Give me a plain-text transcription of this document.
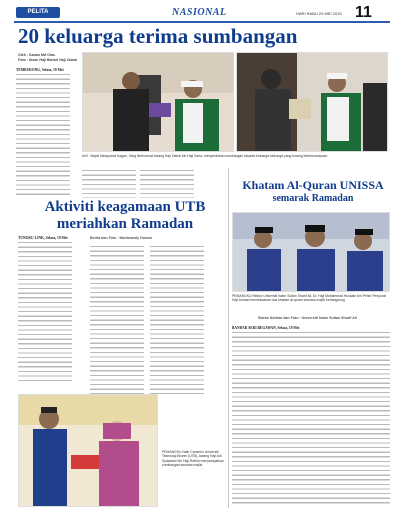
PELITA	NASIONAL	HARI RABU 20 MEI 2015 11
20 keluarga terima sumbangan
Oleh : Sauan Md Olas
Foto : Ihsan Haji Bahari Haji Zainal
TEMBURONG, Selasa, 19 Mei
ANI : Majlis Mesyuarat Kagan, Yang Berhormat Awang Haji Zainal bin Haji Saha, menyerahkan sumbangan kepada keluarga keluarga yang kurang berkemampuan.
Khatam Al-Quran UNISSA
semarak Ramadan
Aktiviti keagamaan UTB meriahkan Ramadan
TUNGKU LINK, Selasa, 19 Mei	Berita dan Foto : Marliwandy Hussin
PEMANGKU Naib Canselor Universiti Teknologi Brunei (UTB), Awang Haji Adi Syawalan bin Haji Rahim menyampaikan sumbangan semasa majlis
PEMANGKU Rektor Universiti Islam Sultan Sharif Ali, Dr. Haji Mohammad Hussain bin Pehin Penyurat Haji Ahmad membacakan doa khatam al-quran semasa majlis berlangsung
Siaran Akhbar dan Foto : Universiti Islam Sultan Sharif Ali
BANDAR SERI BEGAWAN, Selasa, 19 Mei
